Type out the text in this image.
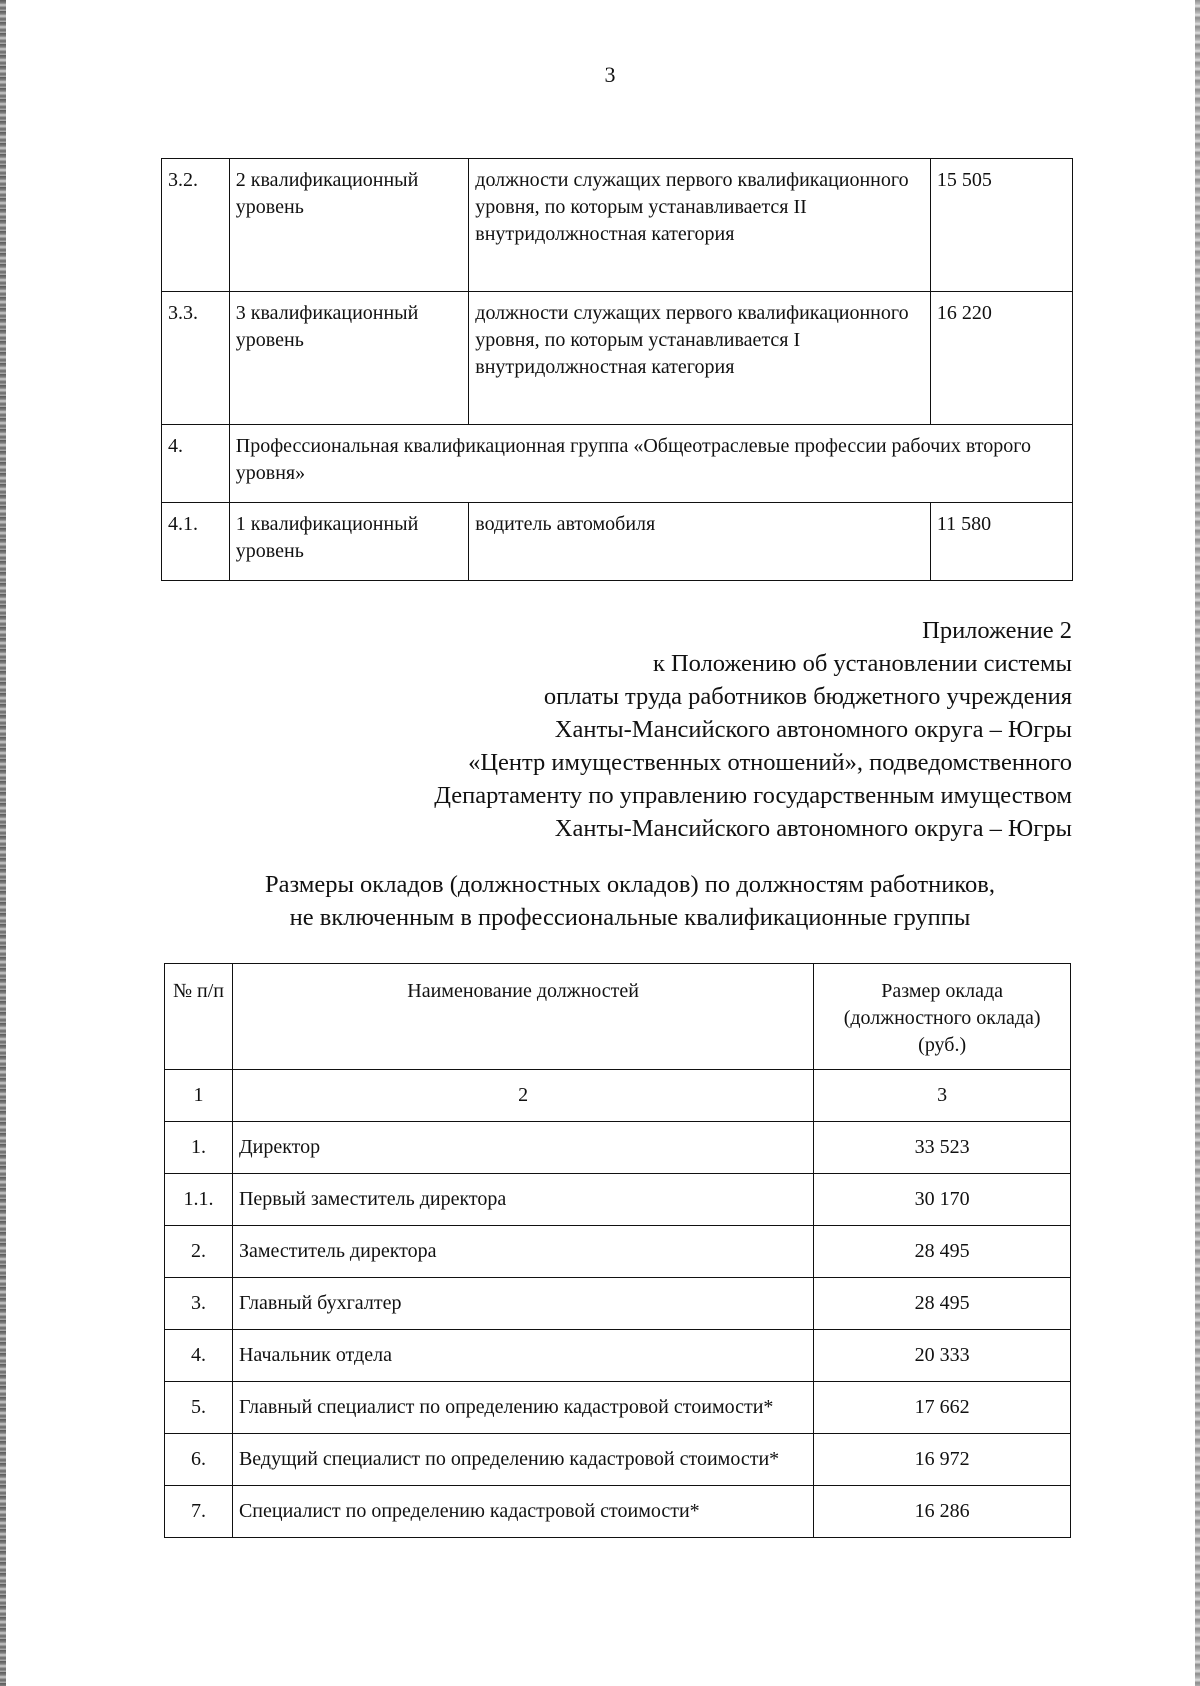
3
3.2.	2 квалификационный уровень	должности служащих первого квалификационного уровня, по которым устанавливается II внутридолжностная категория	15 505
3.3.	3 квалификационный уровень	должности служащих первого квалификационного уровня, по которым устанавливается I внутридолжностная категория	16 220
4.	Профессиональная квалификационная группа «Общеотраслевые профессии рабочих второго уровня»		
4.1.	1 квалификационный уровень	водитель автомобиля	11 580
Приложение 2
к Положению об установлении системы
оплаты труда работников бюджетного учреждения
Ханты-Мансийского автономного округа – Югры
«Центр имущественных отношений», подведомственного
Департаменту по управлению государственным имуществом
Ханты-Мансийского автономного округа – Югры
Размеры окладов (должностных окладов) по должностям работников,
не включенным в профессиональные квалификационные группы
№ п/п	Наименование должностей	Размер оклада (должностного оклада) (руб.)
1	2	3
1.	Директор	33 523
1.1.	Первый заместитель директора	30 170
2.	Заместитель директора	28 495
3.	Главный бухгалтер	28 495
4.	Начальник отдела	20 333
5.	Главный специалист по определению кадастровой стоимости*	17 662
6.	Ведущий специалист по определению кадастровой стоимости*	16 972
7.	Специалист по определению кадастровой стоимости*	16 286
